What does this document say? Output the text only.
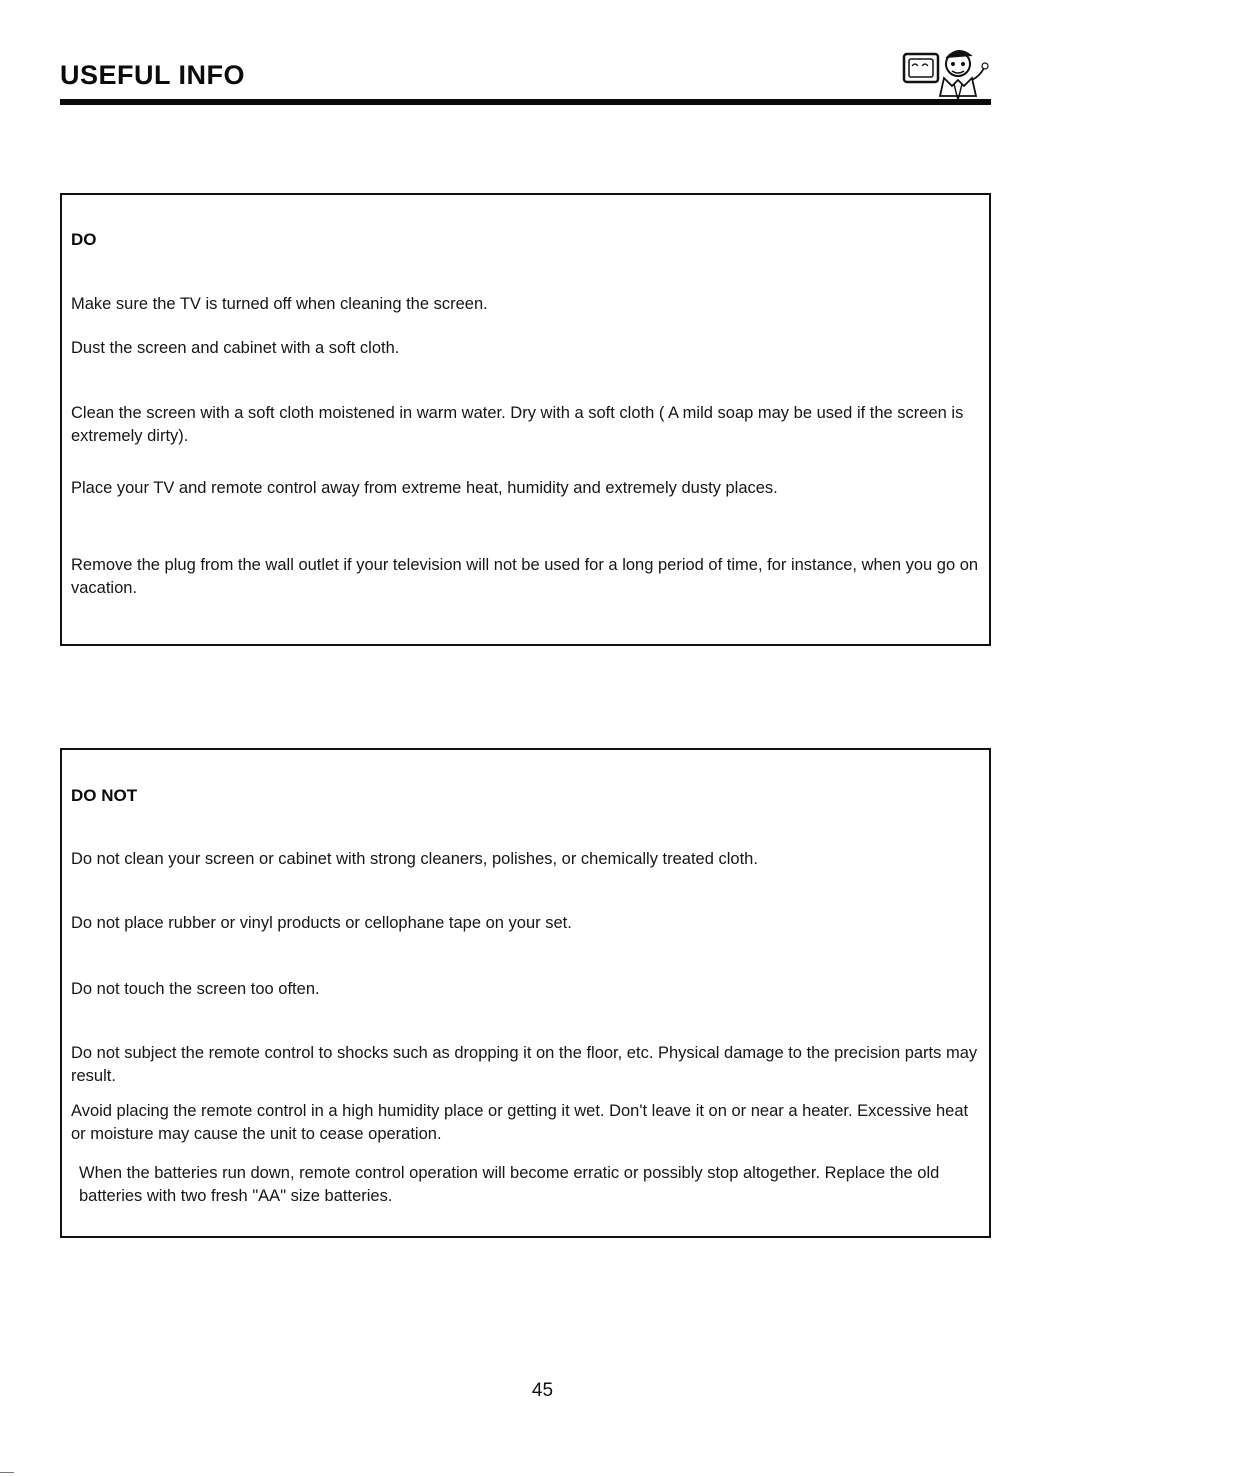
USEFUL INFO
DO
Make sure the TV is turned off when cleaning the screen.
Dust the screen and cabinet with a soft cloth.
Clean the screen with a soft cloth moistened in warm water. Dry with a soft cloth ( A mild soap may be used if the screen is extremely dirty).
Place your TV and remote control away from extreme heat, humidity and extremely dusty places.
Remove the plug from the wall outlet if your television will not be used for a long period of time, for instance, when you go on vacation.
DO NOT
Do not clean your screen or cabinet with strong cleaners, polishes, or chemically treated cloth.
Do not place rubber or vinyl products or cellophane tape on your set.
Do not touch the screen too often.
Do not subject the remote control to shocks such as dropping it on the floor, etc. Physical damage to the precision parts may result.
Avoid placing the remote control in a high humidity place or getting it wet. Don't leave it on or near a heater. Excessive heat or moisture may cause the unit to cease operation.
When the batteries run down, remote control operation will become erratic or possibly stop altogether. Replace the old batteries with two fresh "AA" size batteries.
45
